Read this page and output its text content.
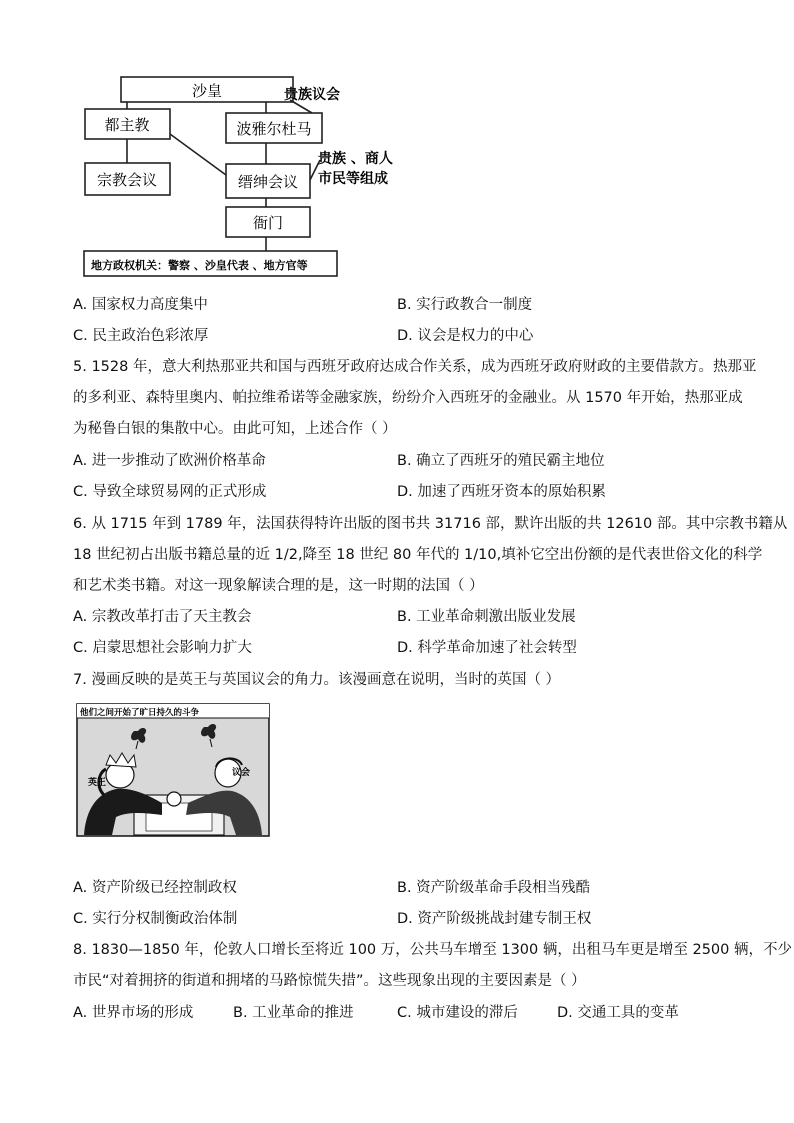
沙皇
都主教
宗教会议
波雅尔杜马
缙绅会议
衙门
地方政权机关：警察 、沙皇代表 、地方官等
贵族议会
贵族 、商人
市民等组成
A. 国家权力高度集中	B. 实行政教合一制度
C. 民主政治色彩浓厚	D. 议会是权力的中心
5. 1528 年，意大利热那亚共和国与西班牙政府达成合作关系，成为西班牙政府财政的主要借款方。热那亚
的多利亚、森特里奥内、帕拉维希诺等金融家族，纷纷介入西班牙的金融业。从 1570 年开始，热那亚成
为秘鲁白银的集散中心。由此可知，上述合作（ ）
A. 进一步推动了欧洲价格革命	B. 确立了西班牙的殖民霸主地位
C. 导致全球贸易网的正式形成	D. 加速了西班牙资本的原始积累
6. 从 1715 年到 1789 年，法国获得特许出版的图书共 31716 部，默许出版的共 12610 部。其中宗教书籍从
18 世纪初占出版书籍总量的近 1/2,降至 18 世纪 80 年代的 1/10,填补它空出份额的是代表世俗文化的科学
和艺术类书籍。对这一现象解读合理的是，这一时期的法国（ ）
A. 宗教改革打击了天主教会	B. 工业革命刺激出版业发展
C. 启蒙思想社会影响力扩大	D. 科学革命加速了社会转型
7. 漫画反映的是英王与英国议会的角力。该漫画意在说明，当时的英国（ ）
他们之间开始了旷日持久的斗争
英王
议会
A. 资产阶级已经控制政权	B. 资产阶级革命手段相当残酷
C. 实行分权制衡政治体制	D. 资产阶级挑战封建专制王权
8. 1830—1850 年，伦敦人口增长至将近 100 万，公共马车增至 1300 辆，出租马车更是增至 2500 辆，不少
市民“对着拥挤的街道和拥堵的马路惊慌失措”。这些现象出现的主要因素是（ ）
A. 世界市场的形成	B. 工业革命的推进	C. 城市建设的滞后	D. 交通工具的变革
